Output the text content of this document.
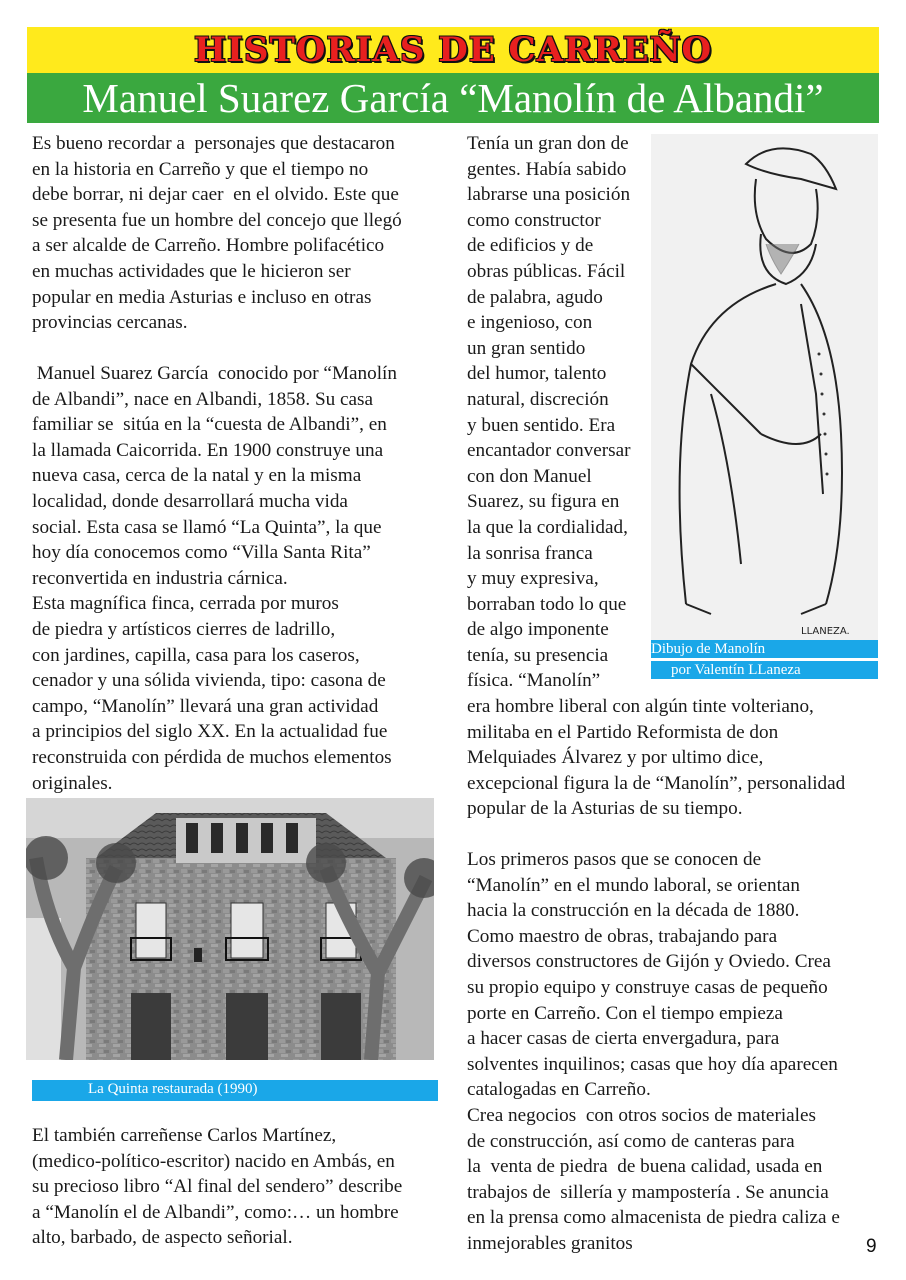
HISTORIAS DE CARREÑO
Manuel Suarez García “Manolín de Albandi”

Es bueno recordar a  personajes que destacaron

en la historia en Carreño y que el tiempo no

debe borrar, ni dejar caer  en el olvido. Este que

se presenta fue un hombre del concejo que llegó

a ser alcalde de Carreño. Hombre polifacético

en muchas actividades que le hicieron ser

popular en media Asturias e incluso en otras

provincias cercanas.

Manuel Suarez García  conocido por “Manolín

de Albandi”, nace en Albandi, 1858. Su casa

familiar se  sitúa en la “cuesta de Albandi”, en

la llamada Caicorrida. En 1900 construye una

nueva casa, cerca de la natal y en la misma

localidad, donde desarrollará mucha vida

social. Esta casa se llamó “La Quinta”, la que

hoy día conocemos como “Villa Santa Rita”

reconvertida en industria cárnica.

Esta magnífica finca, cerrada por muros

de piedra y artísticos cierres de ladrillo,

con jardines, capilla, casa para los caseros,

cenador y una sólida vivienda, tipo: casona de

campo, “Manolín” llevará una gran actividad

a principios del siglo XX. En la actualidad fue

reconstruida con pérdida de muchos elementos

originales.

La Quinta restaurada (1990)

El también carreñense Carlos Martínez,

(medico-político-escritor) nacido en Ambás, en

su precioso libro “Al final del sendero” describe

a “Manolín el de Albandi”, como:… un hombre

alto, barbado, de aspecto señorial.

Tenía un gran don de

gentes. Había sabido

labrarse una posición

como constructor

de edificios y de

obras públicas. Fácil

de palabra, agudo

e ingenioso, con

un gran sentido

del humor, talento

natural, discreción

y buen sentido. Era

encantador conversar

con don Manuel

Suarez, su figura en

la que la cordialidad,

la sonrisa franca

y muy expresiva,

borraban todo lo que

de algo imponente

tenía, su presencia

física. “Manolín”

LLANEZA.
Dibujo de Manolín
por Valentín LLaneza

era hombre liberal con algún tinte volteriano,

militaba en el Partido Reformista de don

Melquiades Álvarez y por ultimo dice,

excepcional figura la de “Manolín”, personalidad

popular de la Asturias de su tiempo.

Los primeros pasos que se conocen de

“Manolín” en el mundo laboral, se orientan

hacia la construcción en la década de 1880.

Como maestro de obras, trabajando para

diversos constructores de Gijón y Oviedo. Crea

su propio equipo y construye casas de pequeño

porte en Carreño. Con el tiempo empieza

a hacer casas de cierta envergadura, para

solventes inquilinos; casas que hoy día aparecen

catalogadas en Carreño.

Crea negocios  con otros socios de materiales

de construcción, así como de canteras para

la  venta de piedra  de buena calidad, usada en

trabajos de  sillería y mampostería . Se anuncia

en la prensa como almacenista de piedra caliza e

inmejorables granitos	9
